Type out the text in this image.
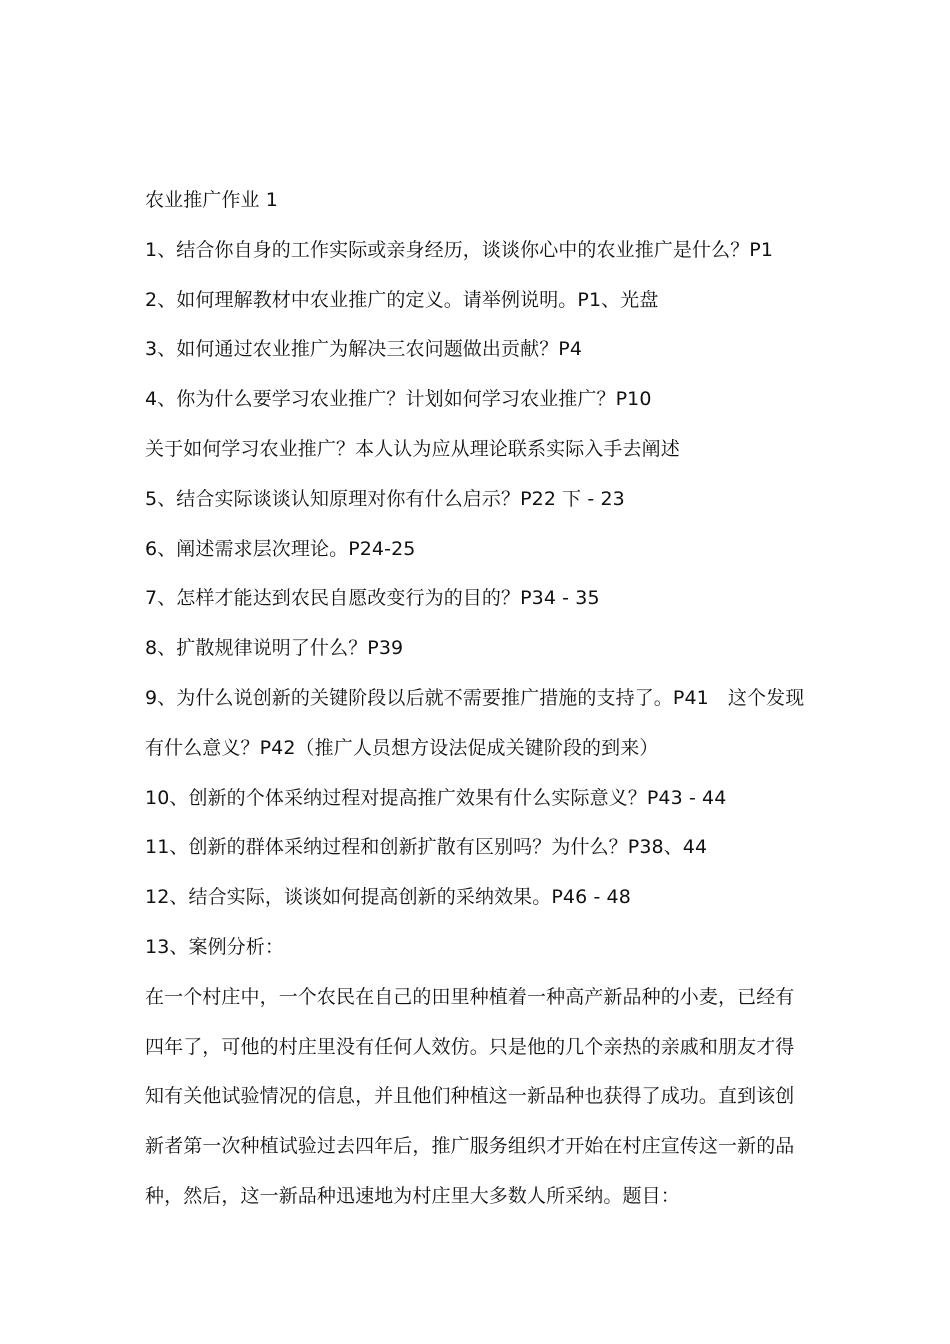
农业推广作业 1
1、结合你自身的工作实际或亲身经历，谈谈你心中的农业推广是什么？P1
2、如何理解教材中农业推广的定义。请举例说明。P1、光盘
3、如何通过农业推广为解决三农问题做出贡献？P4
4、你为什么要学习农业推广？计划如何学习农业推广？P10
关于如何学习农业推广？本人认为应从理论联系实际入手去阐述
5、结合实际谈谈认知原理对你有什么启示？P22 下 - 23
6、阐述需求层次理论。P24-25
7、怎样才能达到农民自愿改变行为的目的？P34 - 35
8、扩散规律说明了什么？P39
9、为什么说创新的关键阶段以后就不需要推广措施的支持了。P41　这个发现
有什么意义？P42（推广人员想方设法促成关键阶段的到来）
10、创新的个体采纳过程对提高推广效果有什么实际意义？P43 - 44
11、创新的群体采纳过程和创新扩散有区别吗？为什么？P38、44
12、结合实际，谈谈如何提高创新的采纳效果。P46 - 48
13、案例分析：
在一个村庄中，一个农民在自己的田里种植着一种高产新品种的小麦，已经有
四年了，可他的村庄里没有任何人效仿。只是他的几个亲热的亲戚和朋友才得
知有关他试验情况的信息，并且他们种植这一新品种也获得了成功。直到该创
新者第一次种植试验过去四年后，推广服务组织才开始在村庄宣传这一新的品
种，然后，这一新品种迅速地为村庄里大多数人所采纳。题目：
